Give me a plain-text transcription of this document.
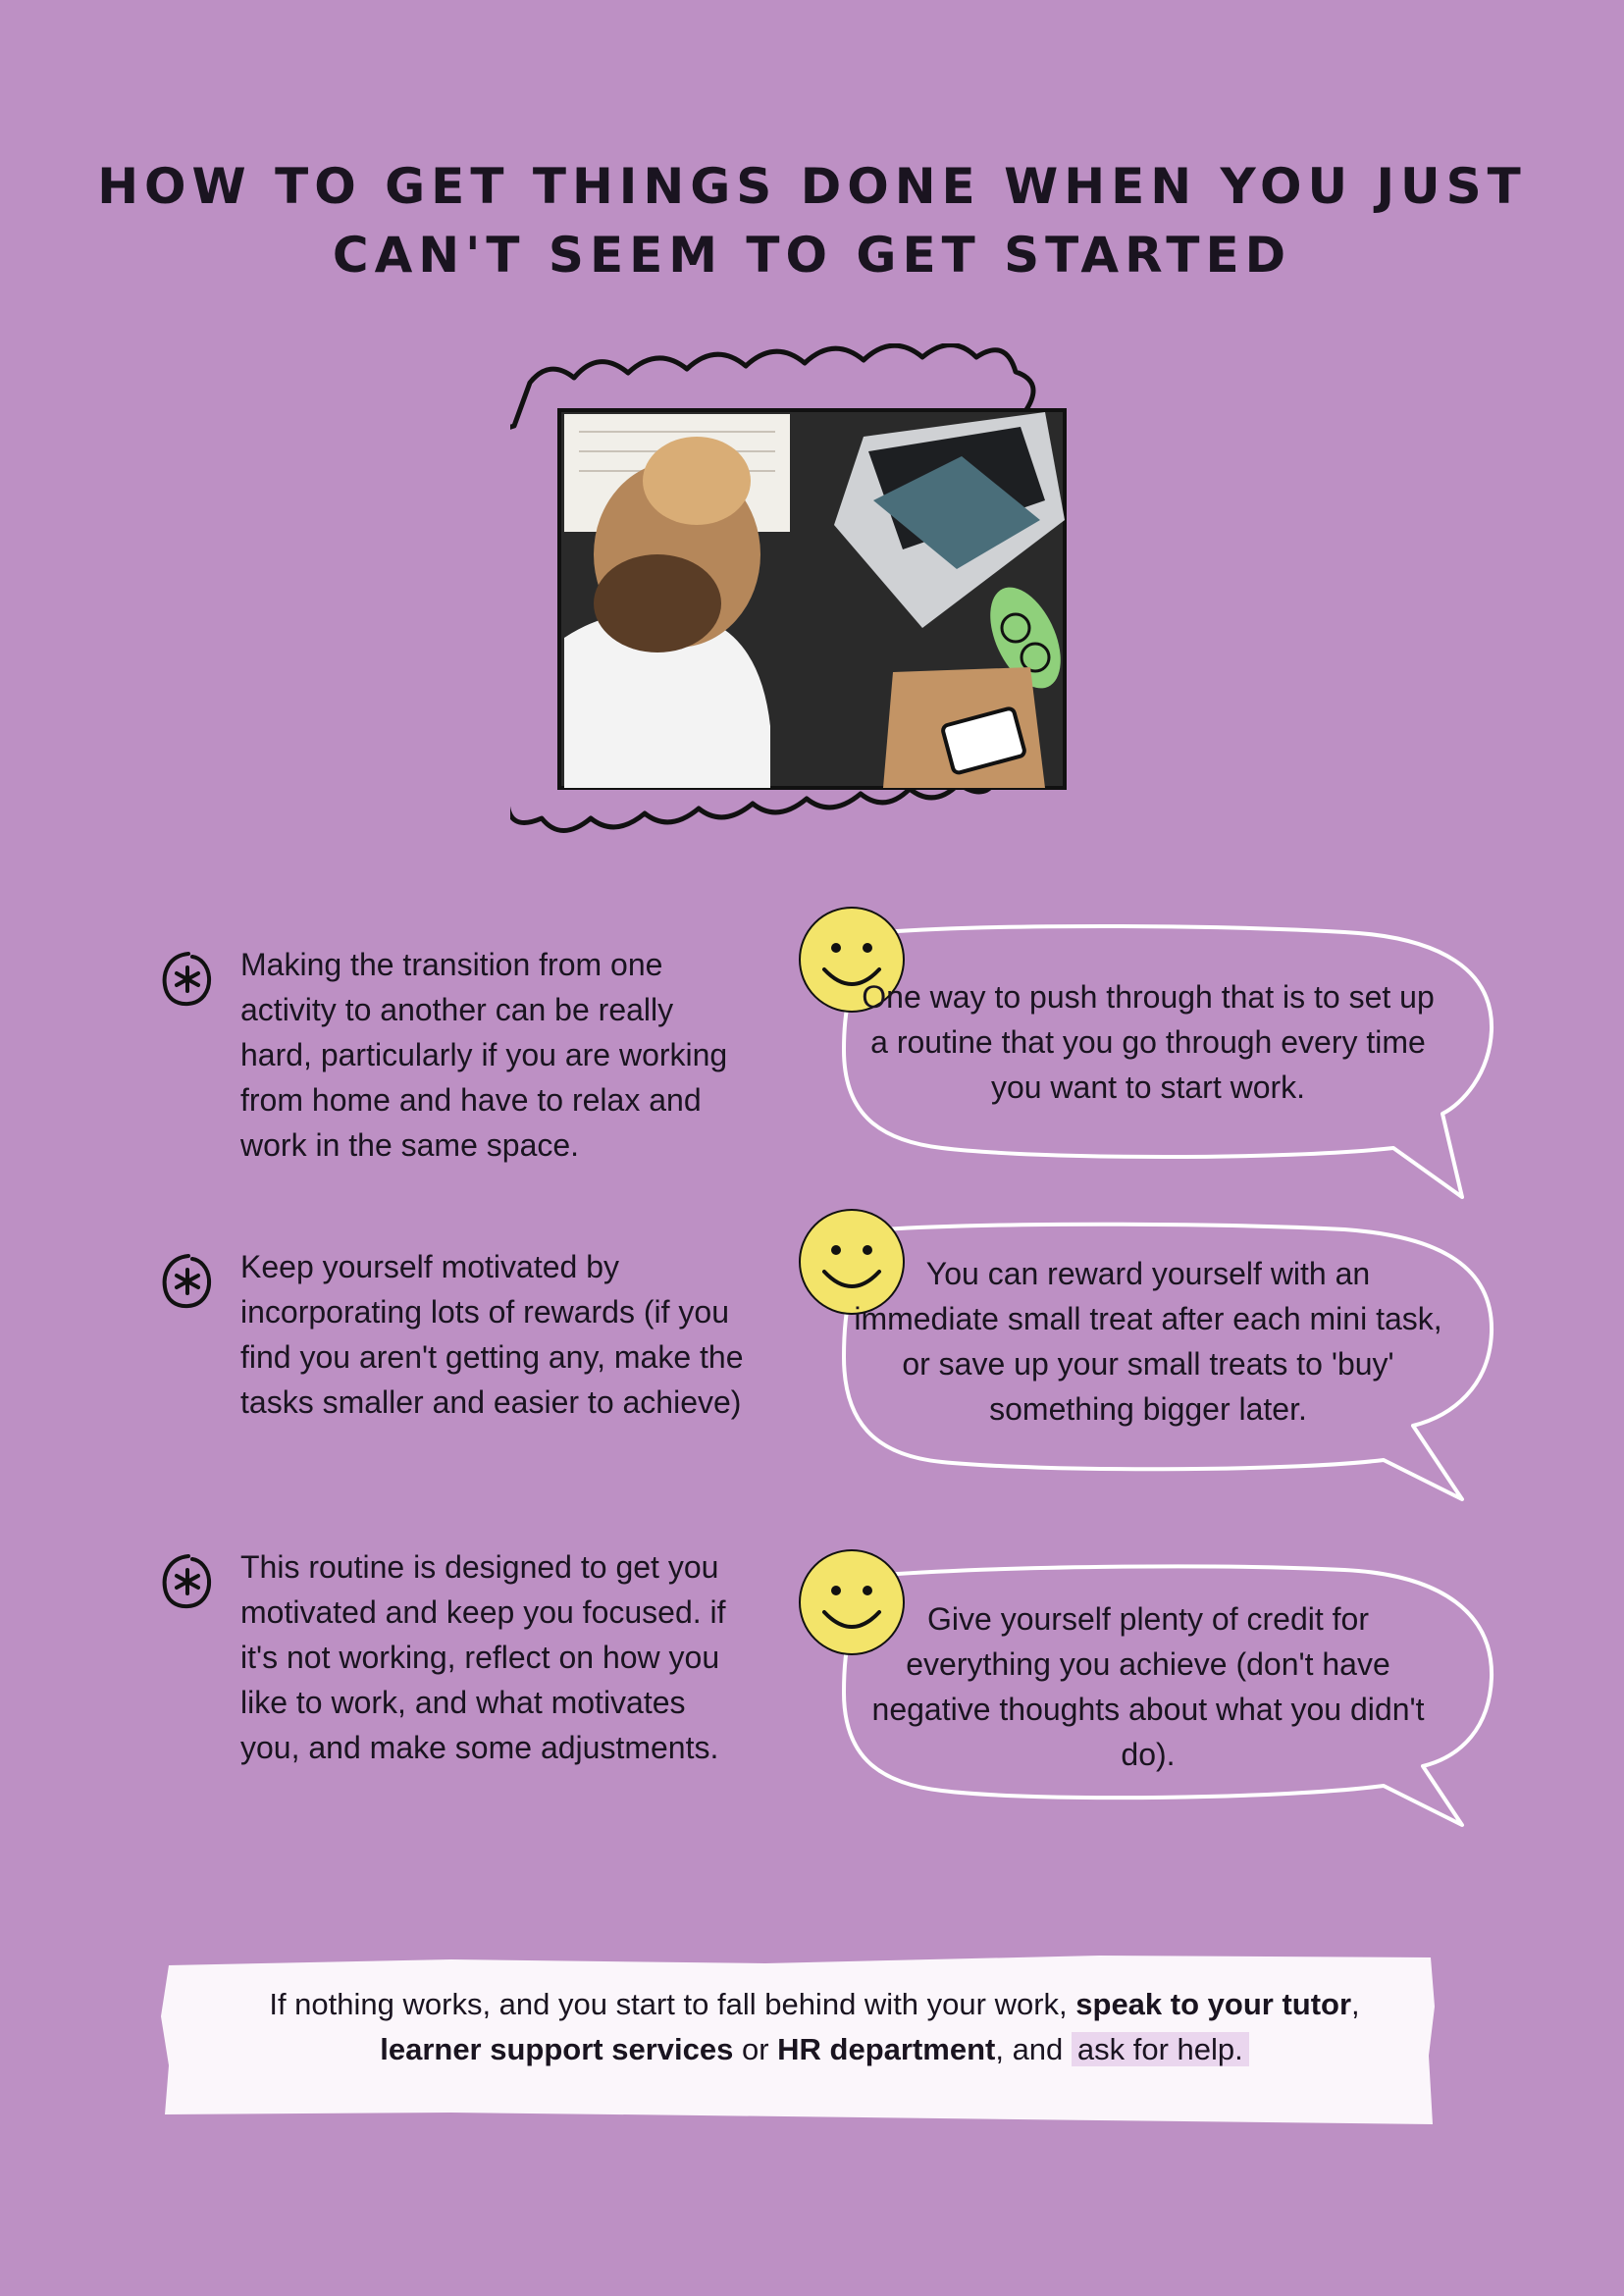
HOW TO GET THINGS DONE WHEN YOU JUST
CAN'T SEEM TO GET STARTED
Making the transition from one activity to another can be really hard, particularly if you are working from home and have to relax and work in the same space.
Keep yourself motivated by incorporating lots of rewards (if you find you aren't getting any, make the tasks smaller and easier to achieve)
This routine is designed to get you motivated and keep you focused. if it's not working, reflect on how you like to work, and what motivates you, and make some adjustments.
One way to push through that is to set up a routine that you go through every time you want to start work.
You can reward yourself with an immediate small treat after each mini task, or save up your small treats to 'buy' something bigger later.
Give yourself plenty of credit for everything you achieve (don't have negative thoughts about what you didn't do).
If nothing works, and you start to fall behind with your work, speak to your tutor,
learner support services or HR department, and ask for help.
